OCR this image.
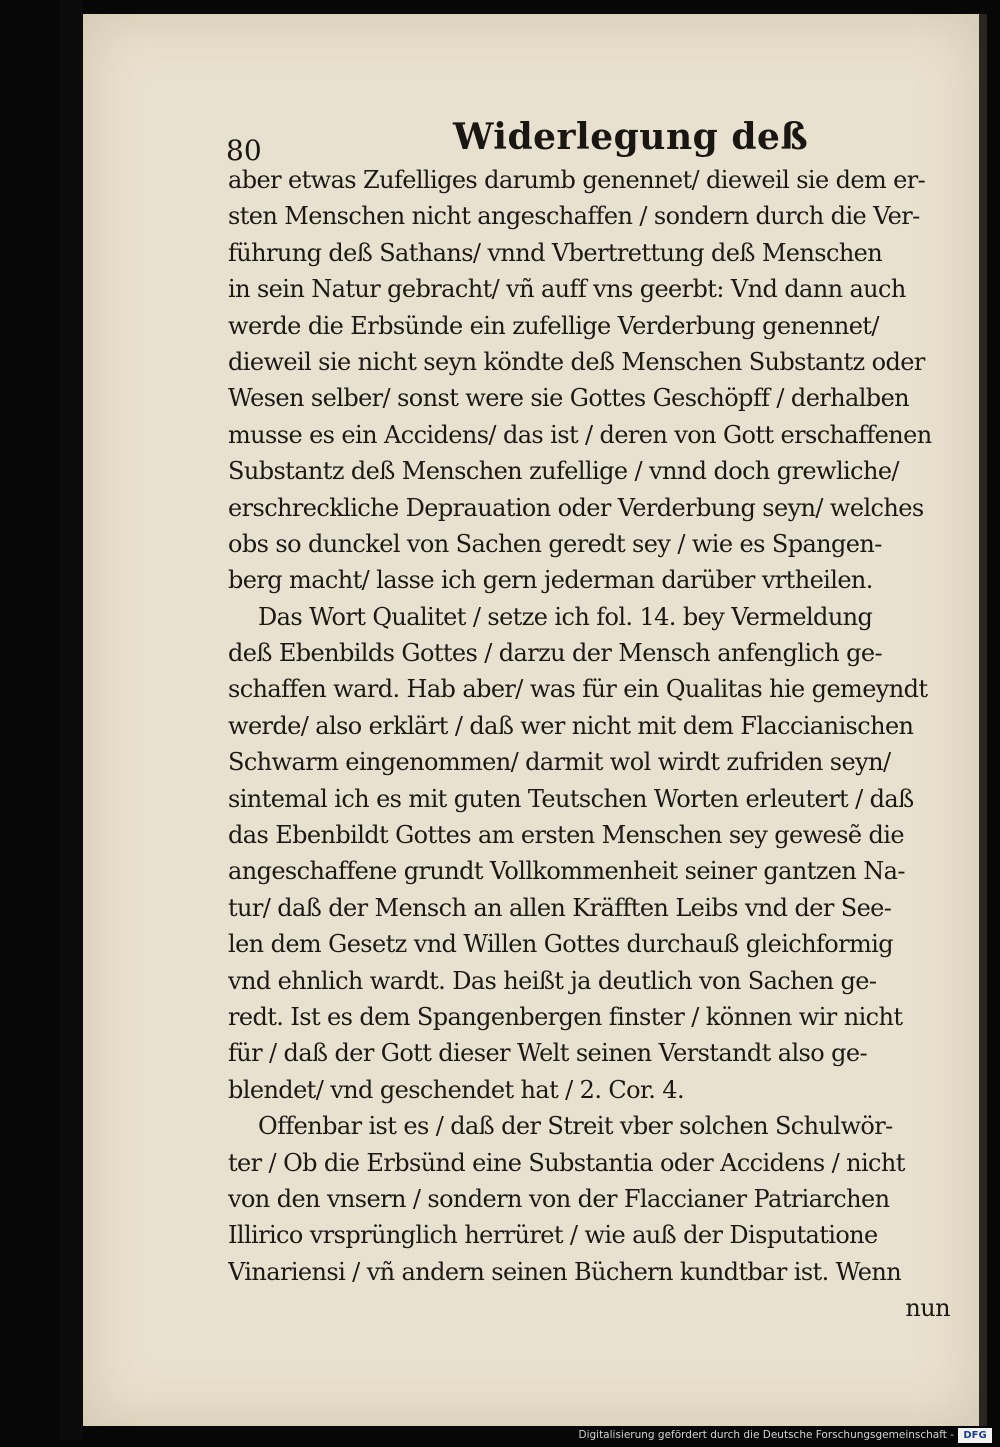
80	Widerlegung deß
aber etwas Zufelliges darumb genennet/ dieweil sie dem er-
sten Menschen nicht angeschaffen / sondern durch die Ver-
führung deß Sathans/ vnnd Vbertrettung deß Menschen
in sein Natur gebracht/ vñ auff vns geerbt: Vnd dann auch
werde die Erbsünde ein zufellige Verderbung genennet/
dieweil sie nicht seyn köndte deß Menschen Substantz oder
Wesen selber/ sonst were sie Gottes Geschöpff / derhalben
musse es ein Accidens/ das ist / deren von Gott erschaffenen
Substantz deß Menschen zufellige / vnnd doch grewliche/
erschreckliche Deprauation oder Verderbung seyn/ welches
obs so dunckel von Sachen geredt sey / wie es Spangen-
berg macht/ lasse ich gern jederman darüber vrtheilen.
Das Wort Qualitet / setze ich fol. 14. bey Vermeldung
deß Ebenbilds Gottes / darzu der Mensch anfenglich ge-
schaffen ward. Hab aber/ was für ein Qualitas hie gemeyndt
werde/ also erklärt / daß wer nicht mit dem Flaccianischen
Schwarm eingenommen/ darmit wol wirdt zufriden seyn/
sintemal ich es mit guten Teutschen Worten erleutert / daß
das Ebenbildt Gottes am ersten Menschen sey gewesẽ die
angeschaffene grundt Vollkommenheit seiner gantzen Na-
tur/ daß der Mensch an allen Kräfften Leibs vnd der See-
len dem Gesetz vnd Willen Gottes durchauß gleichformig
vnd ehnlich wardt. Das heißt ja deutlich von Sachen ge-
redt. Ist es dem Spangenbergen finster / können wir nicht
für / daß der Gott dieser Welt seinen Verstandt also ge-
blendet/ vnd geschendet hat / 2. Cor. 4.
Offenbar ist es / daß der Streit vber solchen Schulwör-
ter / Ob die Erbsünd eine Substantia oder Accidens / nicht
von den vnsern / sondern von der Flaccianer Patriarchen
Illirico vrsprünglich herrüret / wie auß der Disputatione
Vinariensi / vñ andern seinen Büchern kundtbar ist. Wenn
nun
Digitalisierung gefördert durch die Deutsche Forschungsgemeinschaft - DFG
